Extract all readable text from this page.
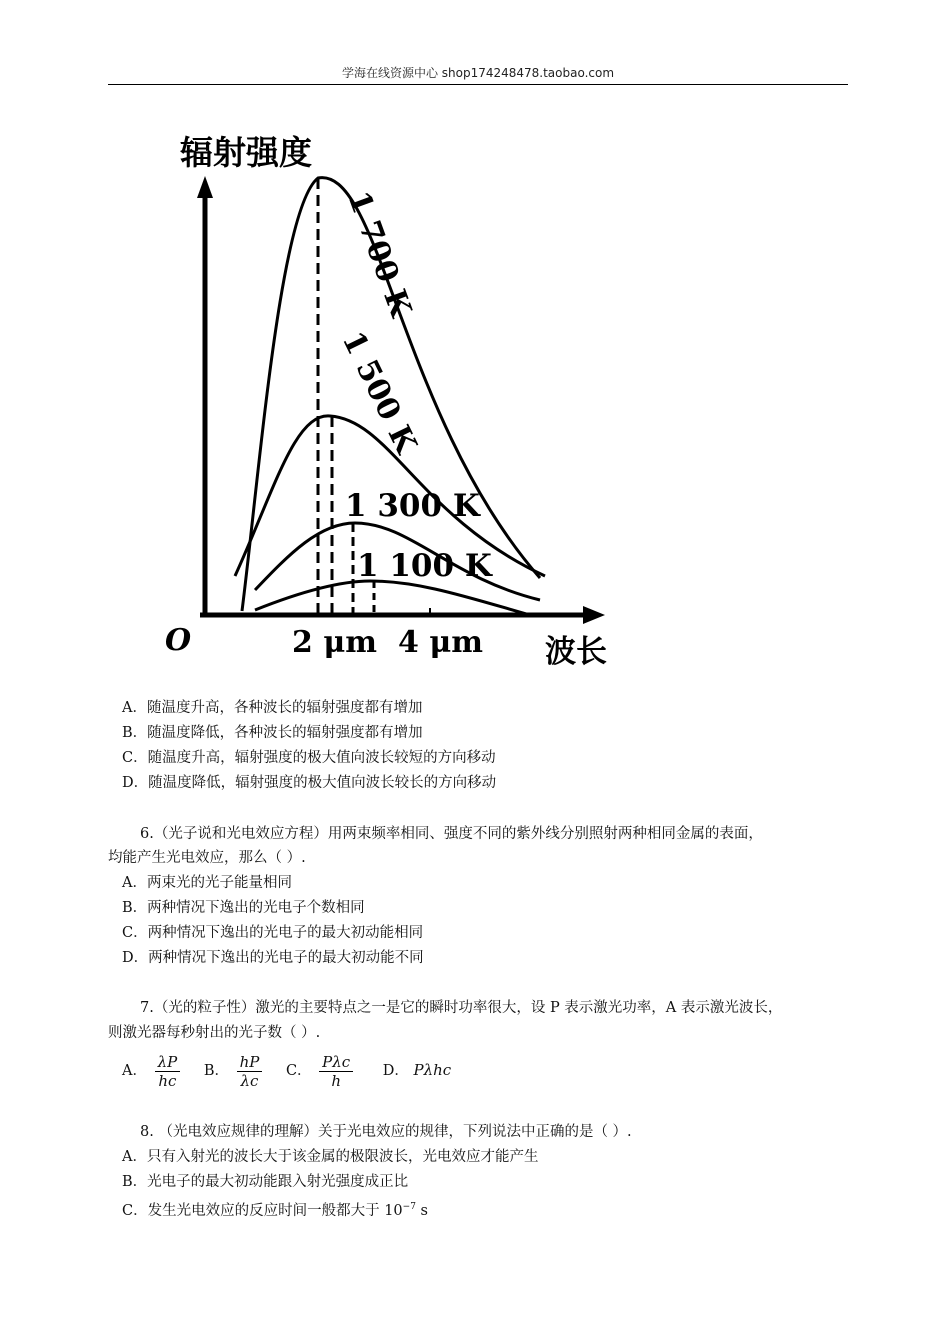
学海在线资源中心 shop174248478.taobao.com
辐射强度
波长
O	2 μm 4 μm
1 700 K
1 500 K
1 300 K
1 100 K
A．随温度升高，各种波长的辐射强度都有增加
B．随温度降低，各种波长的辐射强度都有增加
C．随温度升高，辐射强度的极大值向波长较短的方向移动
D．随温度降低，辐射强度的极大值向波长较长的方向移动
6.（光子说和光电效应方程）用两束频率相同、强度不同的紫外线分别照射两种相同金属的表面，
均能产生光电效应，那么（ ）.
A．两束光的光子能量相同
B．两种情况下逸出的光电子个数相同
C．两种情况下逸出的光电子的最大初动能相同
D．两种情况下逸出的光电子的最大初动能不同
7.（光的粒子性）激光的主要特点之一是它的瞬时功率很大，设 P 表示激光功率，A 表示激光波长，
则激光器每秒射出的光子数（ ）.
A． $\frac{\lambda P}{hc}$ B． $\frac{hP}{\lambda c}$ C． $\frac{\text{Pλc}}{h}$ D． Pλhc
8. （光电效应规律的理解）关于光电效应的规律，下列说法中正确的是（ ）.
A．只有入射光的波长大于该金属的极限波长，光电效应才能产生
B．光电子的最大初动能跟入射光强度成正比
C．发生光电效应的反应时间一般都大于 $10^{-7}$ s
